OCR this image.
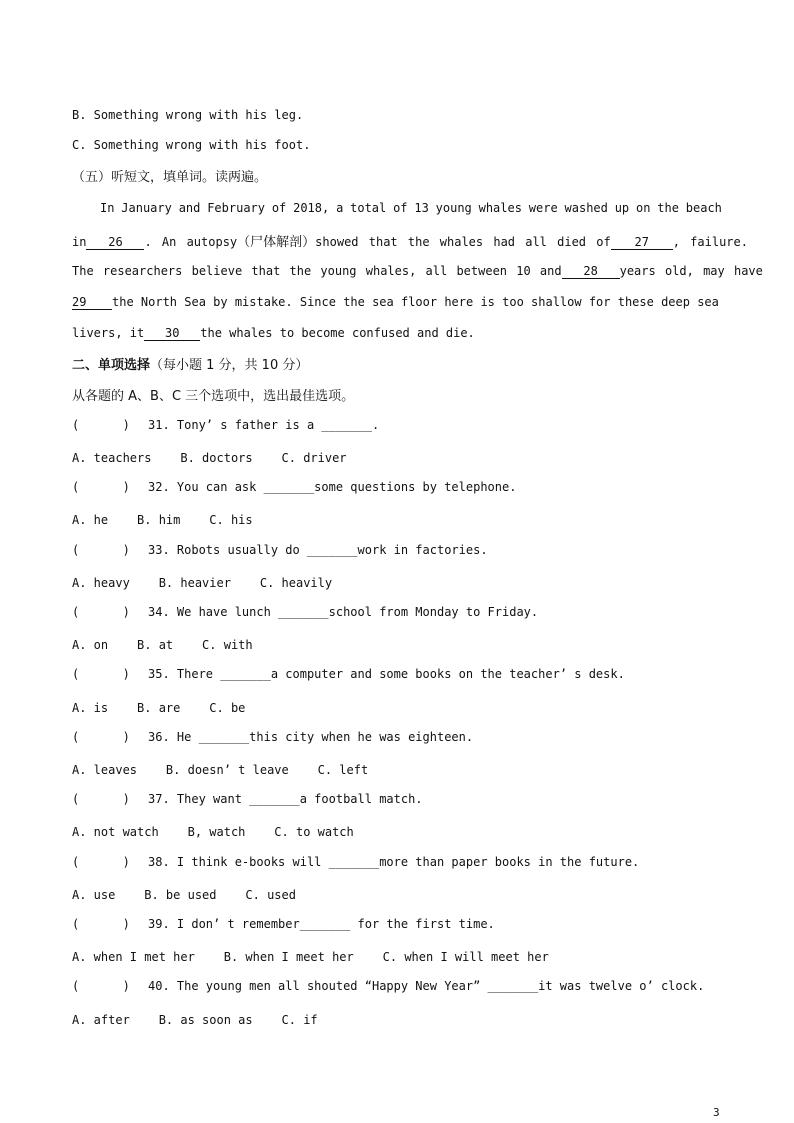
B. Something wrong with his leg.
C. Something wrong with his foot.
（五）听短文，填单词。读两遍。
In January and February of 2018, a total of 13 young whales were washed up on the beach
in 26 . An autopsy（尸体解剖）showed that the whales had all died of 27 , failure.
The researchers believe that the young whales, all between 10 and 28 years old, may have
29 the North Sea by mistake. Since the sea floor here is too shallow for these deep sea
livers, it 30 the whales to become confused and die.
二、单项选择（每小题 1 分，共 10 分）
从各题的 A、B、C 三个选项中，选出最佳选项。
(      ) 31. Tony’ s father is a _______.
A. teachers    B. doctors    C. driver
(      ) 32. You can ask _______some questions by telephone.
A. he    B. him    C. his
(      ) 33. Robots usually do _______work in factories.
A. heavy    B. heavier    C. heavily
(      ) 34. We have lunch _______school from Monday to Friday.
A. on    B. at    C. with
(      ) 35. There _______a computer and some books on the teacher’ s desk.
A. is    B. are    C. be
(      ) 36. He _______this city when he was eighteen.
A. leaves    B. doesn’ t leave    C. left
(      ) 37. They want _______a football match.
A. not watch    B, watch    C. to watch
(      ) 38. I think e-books will _______more than paper books in the future.
A. use    B. be used    C. used
(      ) 39. I don’ t remember_______ for the first time.
A. when I met her    B. when I meet her    C. when I will meet her
(      ) 40. The young men all shouted “Happy New Year” _______it was twelve o’ clock.
A. after    B. as soon as    C. if
3
